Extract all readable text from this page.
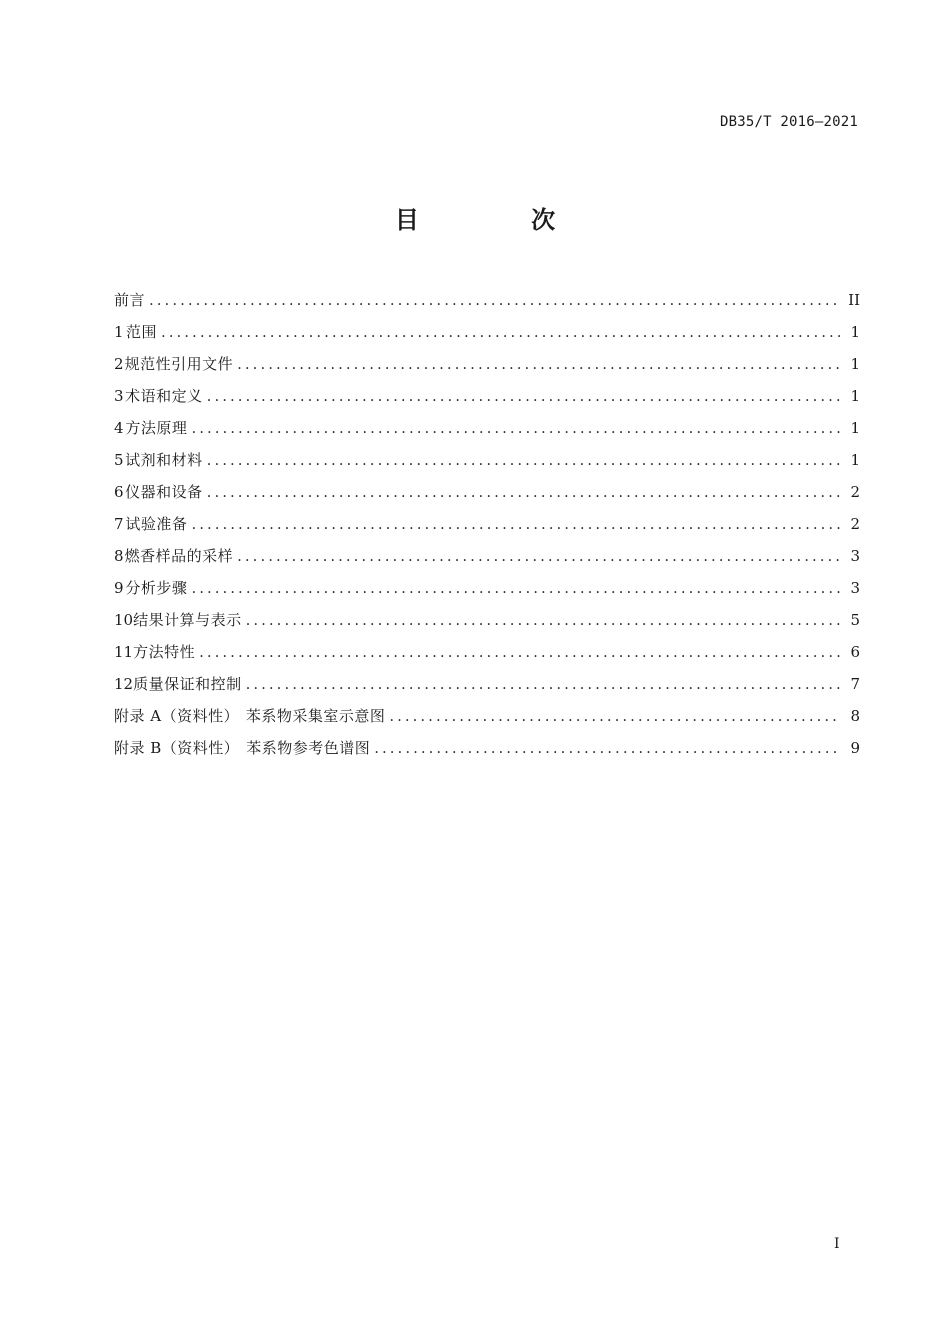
DB35/T 2016—2021
目 次
前言 .....	II
1 范围 .....	1
2 规范性引用文件 .....	1
3 术语和定义 .....	1
4 方法原理 .....	1
5 试剂和材料 .....	1
6 仪器和设备 .....	2
7 试验准备 .....	2
8 燃香样品的采样 .....	3
9 分析步骤 .....	3
10 结果计算与表示 .....	5
11 方法特性 .....	6
12 质量保证和控制 .....	7
附录 A（资料性） 苯系物采集室示意图 .....	8
附录 B（资料性） 苯系物参考色谱图 .....	9
I
